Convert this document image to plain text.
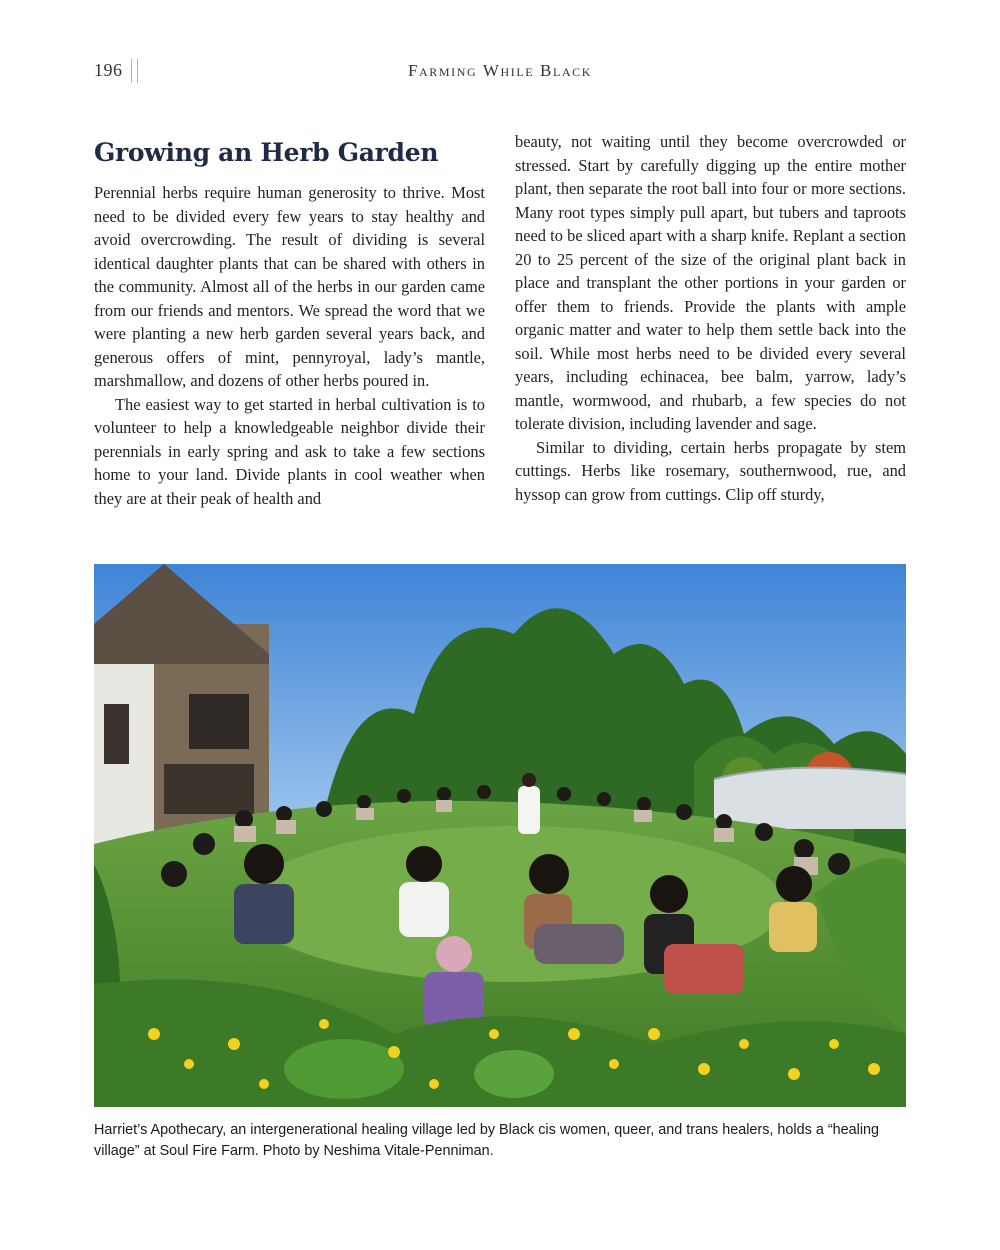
196	Farming While Black
Growing an Herb Garden

Perennial herbs require human generosity to thrive. Most need to be divided every few years to stay healthy and avoid overcrowding. The result of dividing is several identical daughter plants that can be shared with others in the community. Almost all of the herbs in our garden came from our friends and mentors. We spread the word that we were planting a new herb garden several years back, and generous offers of mint, pennyroyal, lady’s mantle, marshmallow, and dozens of other herbs poured in.

The easiest way to get started in herbal cultivation is to volunteer to help a knowledgeable neighbor divide their perennials in early spring and ask to take a few sections home to your land. Divide plants in cool weather when they are at their peak of health and

beauty, not waiting until they become overcrowded or stressed. Start by carefully digging up the entire mother plant, then separate the root ball into four or more sections. Many root types simply pull apart, but tubers and taproots need to be sliced apart with a sharp knife. Replant a section 20 to 25 percent of the size of the original plant back in place and transplant the other portions in your garden or offer them to friends. Provide the plants with ample organic matter and water to help them settle back into the soil. While most herbs need to be divided every several years, including echinacea, bee balm, yarrow, lady’s mantle, wormwood, and rhubarb, a few species do not tolerate division, including lavender and sage.

Similar to dividing, certain herbs propagate by stem cuttings. Herbs like rosemary, southernwood, rue, and hyssop can grow from cuttings. Clip off sturdy,

Harriet’s Apothecary, an intergenerational healing village led by Black cis women, queer, and trans healers, holds a “healing village” at Soul Fire Farm. Photo by Neshima Vitale-Penniman.
